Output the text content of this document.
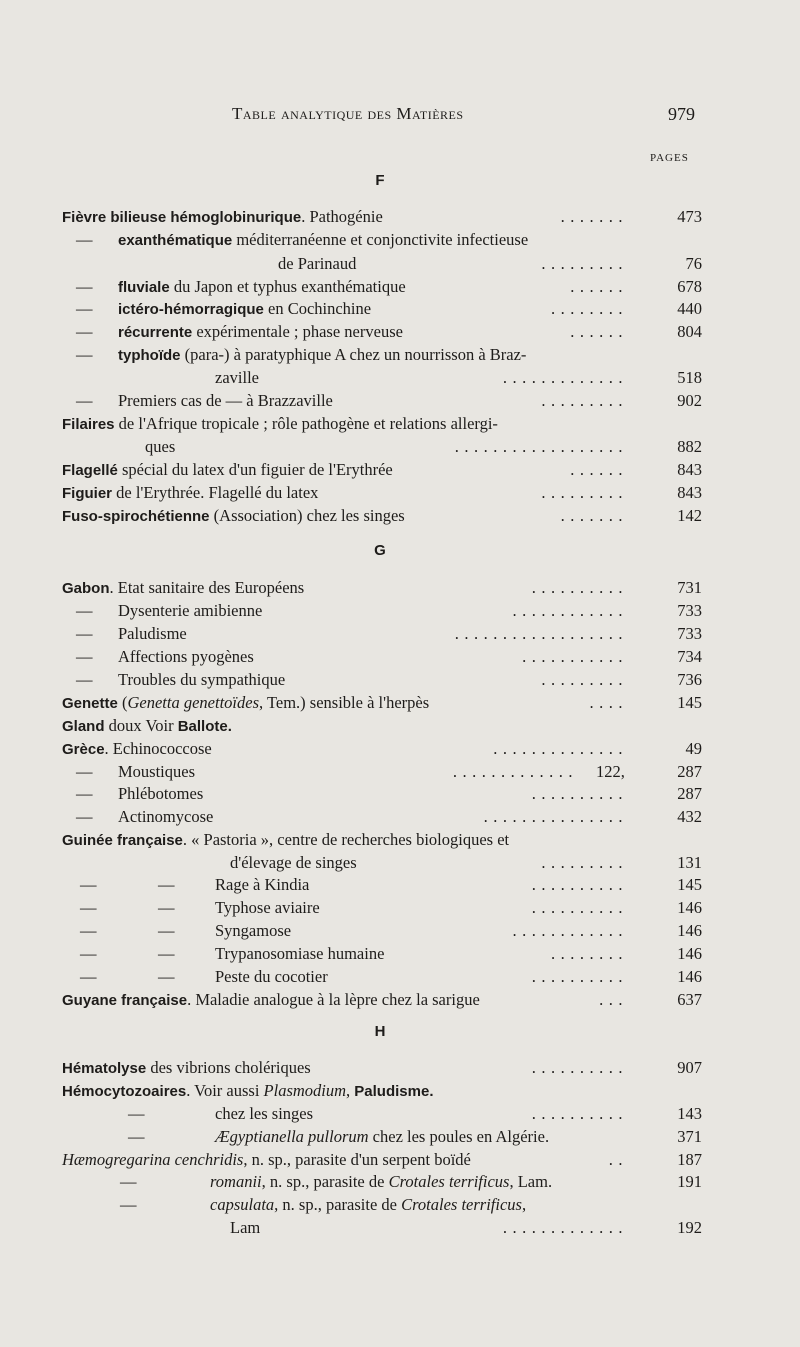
Table analytique des Matières	979
PAGES
F
Fièvre bilieuse hémoglobinurique. Pathogénie	.......	473
— exanthématique méditerranéenne et conjonctivite infectieuse
de Parinaud	.........	76
— fluviale du Japon et typhus exanthématique	......	678
— ictéro-hémorragique en Cochinchine	........	440
— récurrente expérimentale ; phase nerveuse	......	804
— typhoïde (para-) à paratyphique A chez un nourrisson à Braz-
zaville	.............	518
— Premiers cas de — à Brazzaville	.........	902
Filaires de l'Afrique tropicale ; rôle pathogène et relations allergi-
ques	..................	882
Flagellé spécial du latex d'un figuier de l'Erythrée	......	843
Figuier de l'Erythrée. Flagellé du latex	.........	843
Fuso-spirochétienne (Association) chez les singes	.......	142
G
Gabon. Etat sanitaire des Européens	..........	731
— Dysenterie amibienne	............	733
— Paludisme	..................	733
— Affections pyogènes	...........	734
— Troubles du sympathique	.........	736
Genette (Genetta genettoïdes, Tem.) sensible à l'herpès	....	145
Gland doux Voir Ballote.
Grèce. Echinococcose	..............	49
— Moustiques	............. 122,	287
— Phlébotomes	..........	287
— Actinomycose	...............	432
Guinée française. « Pastoria », centre de recherches biologiques et
d'élevage de singes	.........	131
—	— Rage à Kindia	..........	145
—	— Typhose aviaire	..........	146
—	— Syngamose	............	146
—	— Trypanosomiase humaine	........	146
—	— Peste du cocotier	..........	146
Guyane française. Maladie analogue à la lèpre chez la sarigue	...	637
H
Hématolyse des vibrions cholériques	..........	907
Hémocytozoaires. Voir aussi Plasmodium, Paludisme.
—	chez les singes	..........	143
—	Ægyptianella pullorum chez les poules en Algérie.	371
Hæmogregarina cenchridis, n. sp., parasite d'un serpent boïdé	..	187
—	romanii, n. sp., parasite de Crotales terrificus, Lam.	191
—	capsulata, n. sp., parasite de Crotales terrificus,
Lam	.............	192
